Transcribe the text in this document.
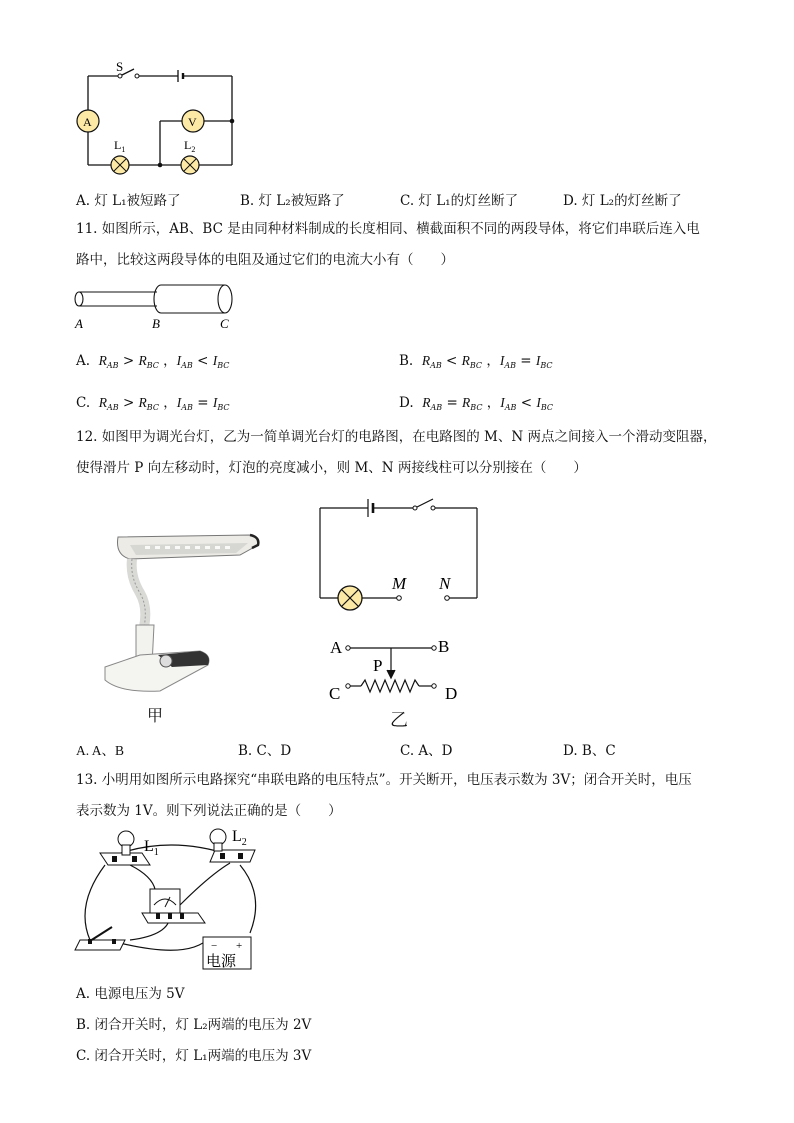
S
A	V
$L_1$	$L_2$
A. 灯 L₁被短路了	B. 灯 L₂被短路了	C. 灯 L₁的灯丝断了	D. 灯 L₂的灯丝断了
11. 如图所示，AB、BC 是由同种材料制成的长度相同、横截面积不同的两段导体，将它们串联后连入电
路中，比较这两段导体的电阻及通过它们的电流大小有（　　）
A	B	C
A. $R_{AB} > R_{BC}$ ，$I_{AB} < I_{BC}$	B. $R_{AB} < R_{BC}$ ，$I_{AB} = I_{BC}$
C. $R_{AB} > R_{BC}$ ，$I_{AB} = I_{BC}$	D. $R_{AB} = R_{BC}$ ，$I_{AB} < I_{BC}$
12. 如图甲为调光台灯，乙为一简单调光台灯的电路图，在电路图的 M、N 两点之间接入一个滑动变阻器，
使得滑片 P 向左移动时，灯泡的亮度减小，则 M、N 两接线柱可以分别接在（　　）
甲
M N
A	B
P
C	D
乙
A. A、B	B. C、D	C. A、D	D. B、C
13. 小明用如图所示电路探究“串联电路的电压特点”。开关断开，电压表示数为 3V；闭合开关时，电压
表示数为 1V。则下列说法正确的是（　　）
$L_1$
$L_2$
− +
电源
A. 电源电压为 5V
B. 闭合开关时，灯 L₂两端的电压为 2V
C. 闭合开关时，灯 L₁两端的电压为 3V
